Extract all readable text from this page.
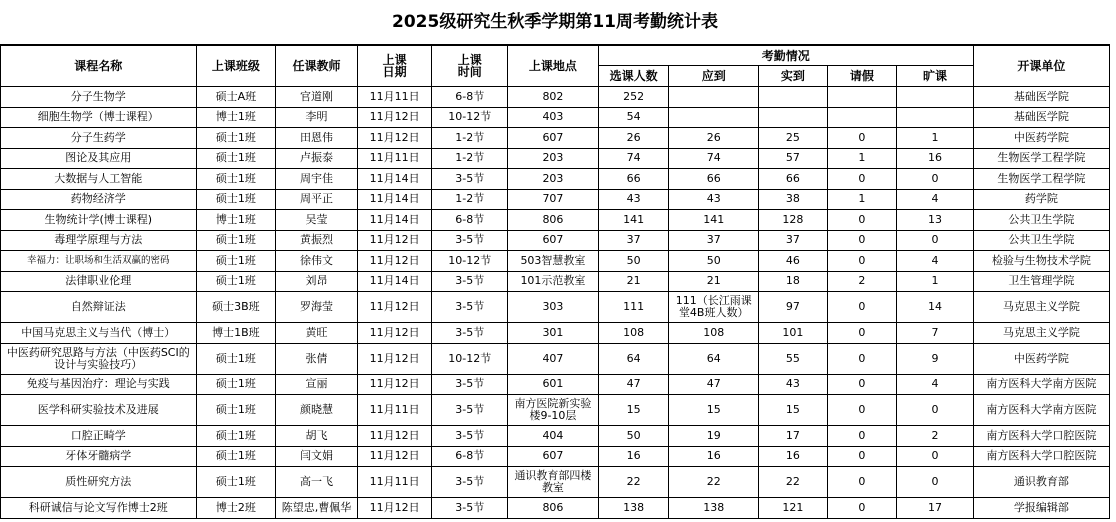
2025级研究生秋季学期第11周考勤统计表
课程名称	上课班级	任课教师	上课日期	上课时间	上课地点	考勤情况					开课单位
						选课人数	应到	实到	请假	旷课	
分子生物学	硕士A班	官道刚	11月11日	6-8节	802	252					基础医学院
细胞生物学（博士课程）	博士1班	李明	11月12日	10-12节	403	54					基础医学院
分子生药学	硕士1班	田恩伟	11月12日	1-2节	607	26	26	25	0	1	中医药学院
图论及其应用	硕士1班	卢振泰	11月11日	1-2节	203	74	74	57	1	16	生物医学工程学院
大数据与人工智能	硕士1班	周宇佳	11月14日	3-5节	203	66	66	66	0	0	生物医学工程学院
药物经济学	硕士1班	周平正	11月14日	1-2节	707	43	43	38	1	4	药学院
生物统计学(博士课程)	博士1班	吴莹	11月14日	6-8节	806	141	141	128	0	13	公共卫生学院
毒理学原理与方法	硕士1班	黄振烈	11月12日	3-5节	607	37	37	37	0	0	公共卫生学院
幸福力：让职场和生活双赢的密码	硕士1班	徐伟文	11月12日	10-12节	503智慧教室	50	50	46	0	4	检验与生物技术学院
法律职业伦理	硕士1班	刘昂	11月14日	3-5节	101示范教室	21	21	18	2	1	卫生管理学院
自然辩证法	硕士3B班	罗海莹	11月12日	3-5节	303	111	111（长江雨课堂4B班人数）	97	0	14	马克思主义学院
中国马克思主义与当代（博士）	博士1B班	黄旺	11月12日	3-5节	301	108	108	101	0	7	马克思主义学院
中医药研究思路与方法（中医药SCI的设计与实验技巧）	硕士1班	张倩	11月12日	10-12节	407	64	64	55	0	9	中医药学院
免疫与基因治疗：理论与实践	硕士1班	宣丽	11月12日	3-5节	601	47	47	43	0	4	南方医科大学南方医院
医学科研实验技术及进展	硕士1班	颜晓慧	11月11日	3-5节	南方医院新实验楼9-10层	15	15	15	0	0	南方医科大学南方医院
口腔正畸学	硕士1班	胡飞	11月12日	3-5节	404	50	19	17	0	2	南方医科大学口腔医院
牙体牙髓病学	硕士1班	闫文娟	11月12日	6-8节	607	16	16	16	0	0	南方医科大学口腔医院
质性研究方法	硕士1班	高一飞	11月11日	3-5节	通识教育部四楼教室	22	22	22	0	0	通识教育部
科研诚信与论文写作博士2班	博士2班	陈望忠,曹佩华	11月12日	3-5节	806	138	138	121	0	17	学报编辑部
